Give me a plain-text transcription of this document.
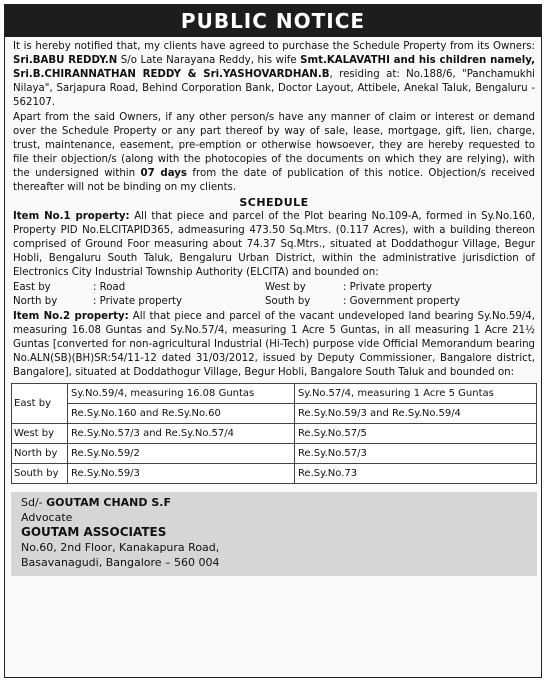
PUBLIC NOTICE

It is hereby notified that, my clients have agreed to purchase the Schedule Property from its Owners: Sri.BABU REDDY.N S/o Late Narayana Reddy, his wife Smt.KALAVATHI and his children namely, Sri.B.CHIRANNATHAN REDDY & Sri.YASHOVARDHAN.B, residing at: No.188/6, "Panchamukhi Nilaya", Sarjapura Road, Behind Corporation Bank, Doctor Layout, Attibele, Anekal Taluk, Bengaluru - 562107.

Apart from the said Owners, if any other person/s have any manner of claim or interest or demand over the Schedule Property or any part thereof by way of sale, lease, mortgage, gift, lien, charge, trust, maintenance, easement, pre-emption or otherwise howsoever, they are hereby requested to file their objection/s (along with the photocopies of the documents on which they are relying), with the undersigned within 07 days from the date of publication of this notice. Objection/s received thereafter will not be binding on my clients.

SCHEDULE

Item No.1 property: All that piece and parcel of the Plot bearing No.109-A, formed in Sy.No.160, Property PID No.ELCITAPID365, admeasuring 473.50 Sq.Mtrs. (0.117 Acres), with a building thereon comprised of Ground Foor measuring about 74.37 Sq.Mtrs., situated at Doddathogur Village, Begur Hobli, Bengaluru South Taluk, Bengaluru Urban District, within the administrative jurisdiction of Electronics City Industrial Township Authority (ELCITA) and bounded on:

East by	: Road	West by	: Private property
North by	: Private property	South by	: Government property

Item No.2 property: All that piece and parcel of the vacant undeveloped land bearing Sy.No.59/4, measuring 16.08 Guntas and Sy.No.57/4, measuring 1 Acre 5 Guntas, in all measuring 1 Acre 21½ Guntas [converted for non-agricultural Industrial (Hi-Tech) purpose vide Official Memorandum bearing No.ALN(SB)(BH)SR:54/11-12 dated 31/03/2012, issued by Deputy Commissioner, Bangalore district, Bangalore], situated at Doddathogur Village, Begur Hobli, Bangalore South Taluk and bounded on:

East by	Sy.No.59/4, measuring 16.08 Guntas	Sy.No.57/4, measuring 1 Acre 5 Guntas
	Re.Sy.No.160 and Re.Sy.No.60	Re.Sy.No.59/3 and Re.Sy.No.59/4
West by	Re.Sy.No.57/3 and Re.Sy.No.57/4	Re.Sy.No.57/5
North by	Re.Sy.No.59/2	Re.Sy.No.57/3
South by	Re.Sy.No.59/3	Re.Sy.No.73
Sd/- GOUTAM CHAND S.F
Advocate
GOUTAM ASSOCIATES
No.60, 2nd Floor, Kanakapura Road,
Basavanagudi, Bangalore – 560 004
